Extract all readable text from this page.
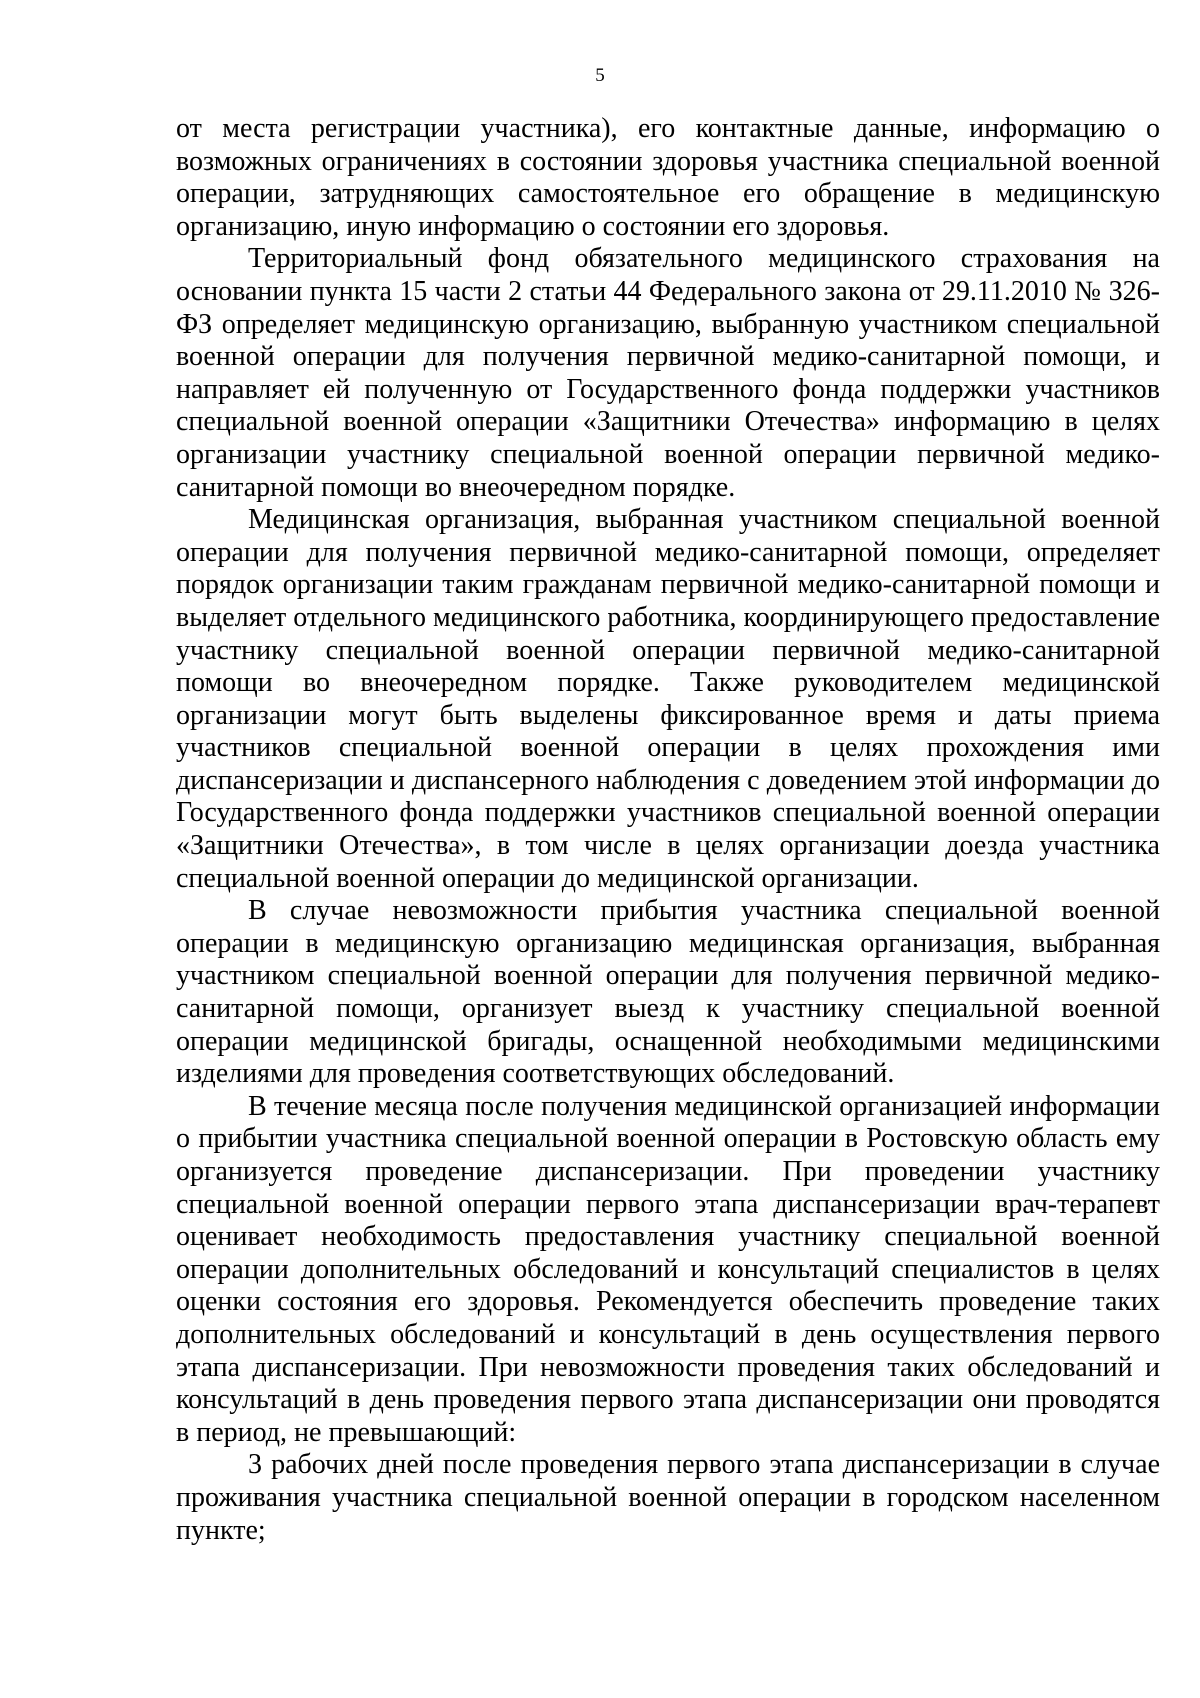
5

от места регистрации участника), его контактные данные, информацию о возможных ограничениях в состоянии здоровья участника специальной военной операции, затрудняющих самостоятельное его обращение в медицинскую организацию, иную информацию о состоянии его здоровья.

Территориальный фонд обязательного медицинского страхования на основании пункта 15 части 2 статьи 44 Федерального закона от 29.11.2010 № 326-ФЗ определяет медицинскую организацию, выбранную участником специальной военной операции для получения первичной медико-санитарной помощи, и направляет ей полученную от Государственного фонда поддержки участников специальной военной операции «Защитники Отечества» информацию в целях организации участнику специальной военной операции первичной медико-санитарной помощи во внеочередном порядке.

Медицинская организация, выбранная участником специальной военной операции для получения первичной медико-санитарной помощи, определяет порядок организации таким гражданам первичной медико-санитарной помощи и выделяет отдельного медицинского работника, координирующего предоставление участнику специальной военной операции первичной медико-санитарной помощи во внеочередном порядке. Также руководителем медицинской организации могут быть выделены фиксированное время и даты приема участников специальной военной операции в целях прохождения ими диспансеризации и диспансерного наблюдения с доведением этой информации до Государственного фонда поддержки участников специальной военной операции «Защитники Отечества», в том числе в целях организации доезда участника специальной военной операции до медицинской организации.

В случае невозможности прибытия участника специальной военной операции в медицинскую организацию медицинская организация, выбранная участником специальной военной операции для получения первичной медико-санитарной помощи, организует выезд к участнику специальной военной операции медицинской бригады, оснащенной необходимыми медицинскими изделиями для проведения соответствующих обследований.

В течение месяца после получения медицинской организацией информации о прибытии участника специальной военной операции в Ростовскую область ему организуется проведение диспансеризации. При проведении участнику специальной военной операции первого этапа диспансеризации врач-терапевт оценивает необходимость предоставления участнику специальной военной операции дополнительных обследований и консультаций специалистов в целях оценки состояния его здоровья. Рекомендуется обеспечить проведение таких дополнительных обследований и консультаций в день осуществления первого этапа диспансеризации. При невозможности проведения таких обследований и консультаций в день проведения первого этапа диспансеризации они проводятся в период, не превышающий:

3 рабочих дней после проведения первого этапа диспансеризации в случае проживания участника специальной военной операции в городском населенном пункте;
